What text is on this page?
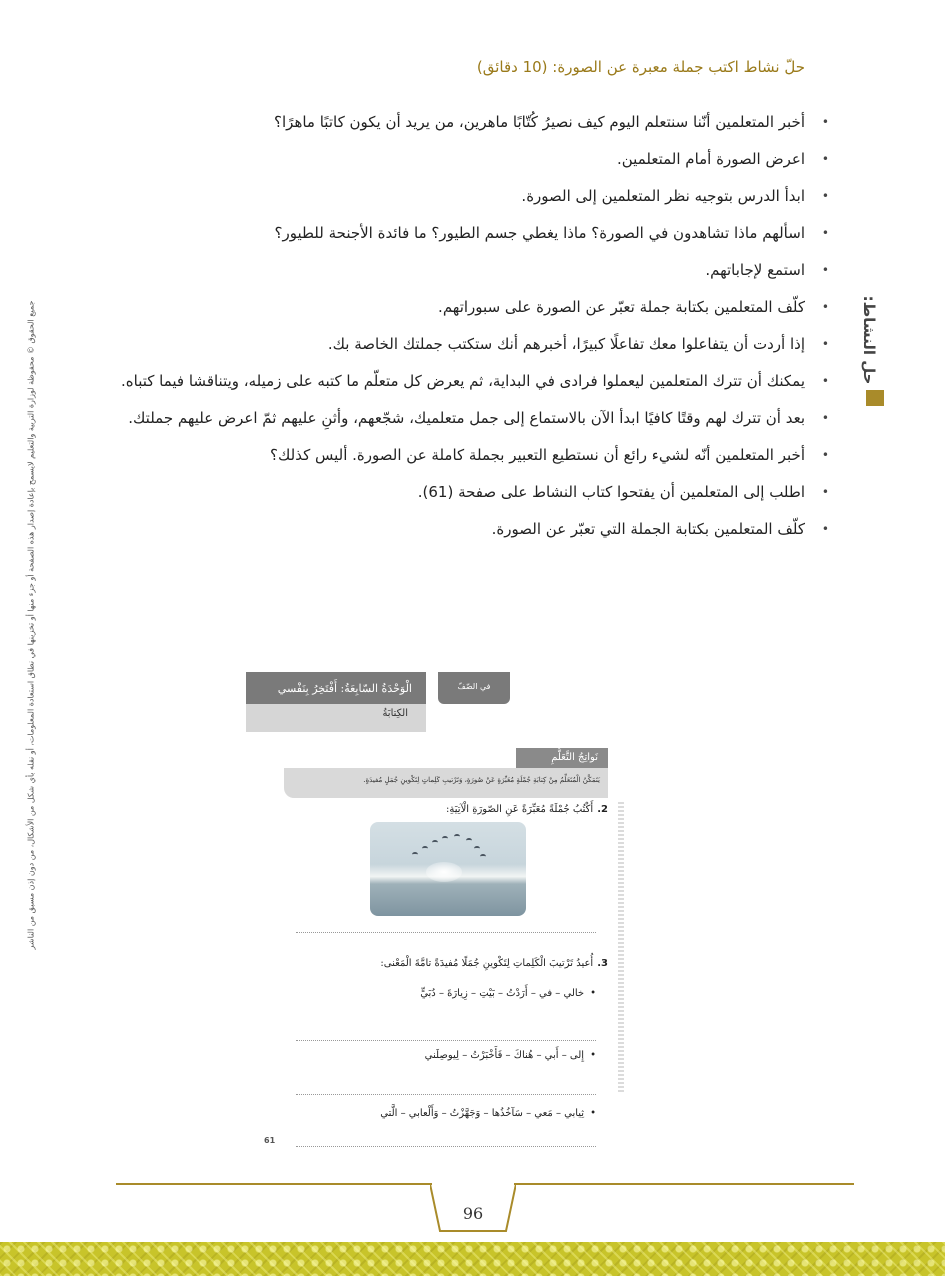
حلّ نشاط اكتب جملة معبرة عن الصورة: (10 دقائق)
•
أخبر المتعلمين أنّنا سنتعلم اليوم كيف نصيرُ كُتّابًا ماهرين، من يريد أن يكون كاتبًا ماهرًا؟
•
اعرض الصورة أمام المتعلمين.
•
ابدأ الدرس بتوجيه نظر المتعلمين إلى الصورة.
•
اسألهم ماذا تشاهدون في الصورة؟ ماذا يغطي جسم الطيور؟ ما فائدة الأجنحة للطيور؟
•
استمع لإجاباتهم.
•
كلّف المتعلمين بكتابة جملة تعبّر عن الصورة على سبوراتهم.
•
إذا أردت أن يتفاعلوا معك تفاعلًا كبيرًا، أخبرهم أنك ستكتب جملتك الخاصة بك.
•
يمكنك أن تترك المتعلمين ليعملوا فرادى في البداية، ثم يعرض كل متعلّم ما كتبه على زميله، ويتناقشا فيما كتباه.
•
بعد أن تترك لهم وقتًا كافيًا ابدأ الآن بالاستماع إلى جمل متعلميك، شجّعهم، وأثنِ عليهم ثمّ اعرض عليهم جملتك.
•
أخبر المتعلمين أنّه لشيء رائع أن نستطيع التعبير بجملة كاملة عن الصورة. أليس كذلك؟
•
اطلب إلى المتعلمين أن يفتحوا كتاب النشاط على صفحة (61).
•
كلّف المتعلمين بكتابة الجملة التي تعبّر عن الصورة.
حل النشاط:
جميع الحقوق © محفوظة لوزارة التربية والتعليم لايسمح بإعادة إصدار هذه الصفحة أو جزء منها أو تخزينها في نطاق استعادة المعلومات، أو نقله بأي شكل من الأشكال، من دون إذن مسبق من الناشر	الْوَحْدَةُ السّابِعَةُ: أَفْتَخِرُ بِنَفْسي
الكِتابَةُ
في الصّفّ
نَواتِجُ التَّعَلُّمِ
يَتَمَكَّنُ الْمُتَعَلِّمُ مِنْ كِتابَةِ جُمْلَةٍ مُعَبِّرَةٍ عَنْ صُورَةٍ، وَتَرْتيبِ كَلِماتٍ لِتَكْوينِ جُمَلٍ مُفيدَةٍ.
2.أَكْتُبُ جُمْلَةً مُعَبِّرَةً عَنِ الصّورَةِ الْآتِيَةِ:
3.أُعيدُ تَرْتيبَ الْكَلِماتِ لِتَكْوينِ جُمَلًا مُفيدَةً تامَّةَ الْمَعْنى:
•خالي – في – أَرَدْتُ – بَيْتِ – زِيارَةَ – دُبَيٍّ
•إِلى – أَبي – هُناكَ – فَأَخْبَرْتُ – لِيوصِلَني
•ثِيابي – مَعي – سَآخُذُها – وَجَهَّزْتُ – وَأَلْعابي – الَّتي
61
96
